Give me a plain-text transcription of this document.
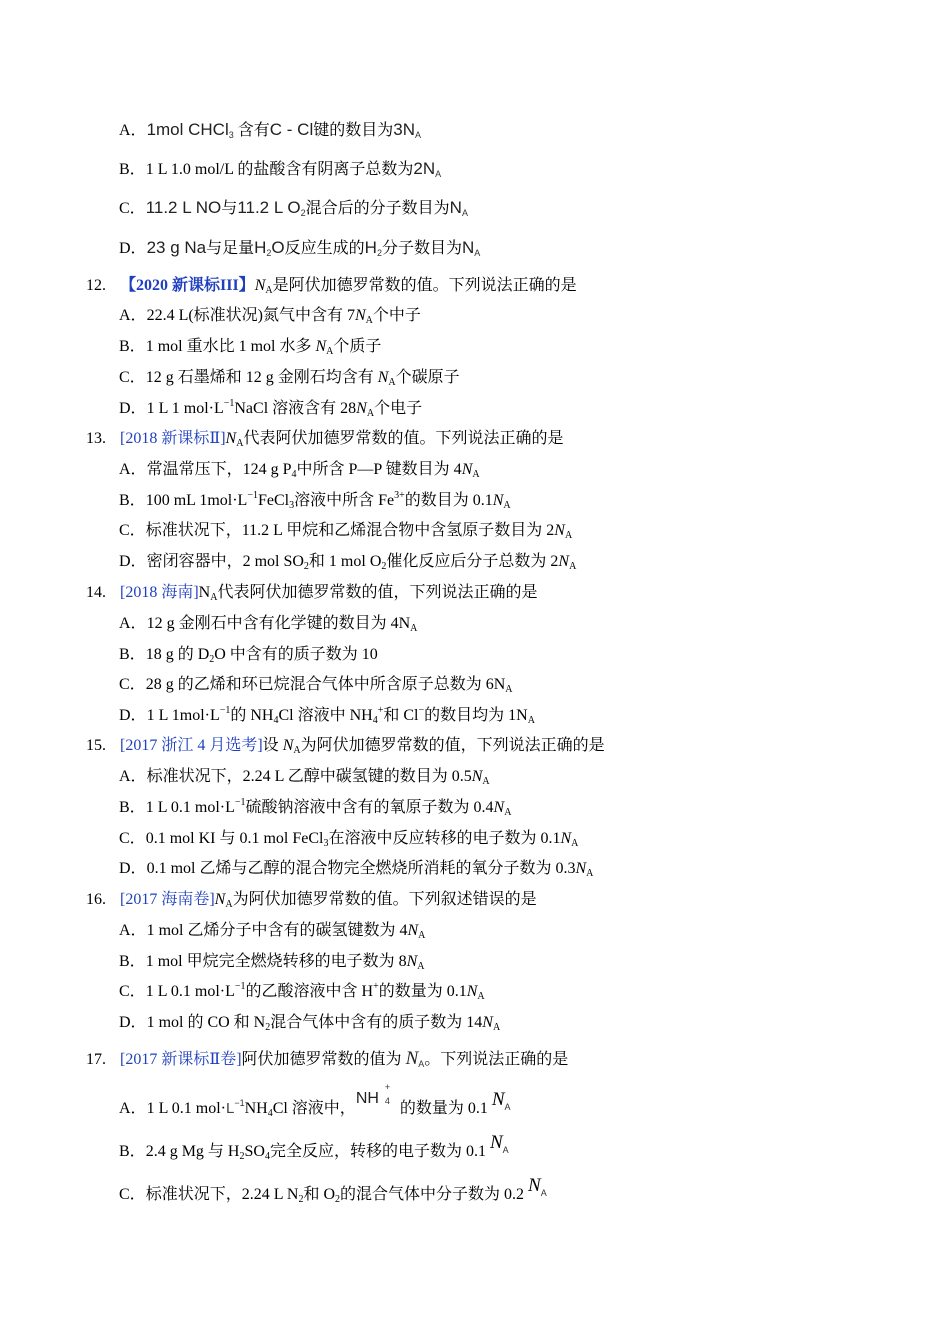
A．1mol CHCl$_3$ 含有C - Cl键的数目为$3N_A$
B．1 L 1.0 mol/L 的盐酸含有阴离子总数为$2N_A$
C．11.2 L NO与11.2 L $O_2$混合后的分子数目为$N_A$
D．23 g Na与足量$H_2O$反应生成的$H_2$分子数目为$N_A$
12. 【2020 新课标III】$N_A$是阿伏加德罗常数的值。下列说法正确的是
A．22.4 L(标准状况)氮气中含有 $7N_A$个中子
B．1 mol 重水比 1 mol 水多 $N_A$个质子
C．12 g 石墨烯和 12 g 金刚石均含有 $N_A$个碳原子
D．1 L 1 $mol\cdot L^{-1}NaCl$ 溶液含有 $28N_A$个电子
13. [2018 新课标$Ⅱ]N_A$代表阿伏加德罗常数的值。下列说法正确的是
A．常温常压下，124 g $P_4$中所含 P—P 键数目为 $4N_A$
B．100 mL $1mol\cdot L^{-1}FeCl_3$溶液中所含 $Fe^{3+}$的数目为 $0.1N_A$
C．标准状况下，11.2 L 甲烷和乙烯混合物中含氢原子数目为 $2N_A$
D．密闭容器中，2 mol $SO_2$和 1 mol $O_2$催化反应后分子总数为 $2N_A$
14. [2018 海南]$N_A$代表阿伏加德罗常数的值，下列说法正确的是
A．12 g 金刚石中含有化学键的数目为 $4N_A$
B．18 g 的 $D_2O$ 中含有的质子数为 10
C．28 g 的乙烯和环已烷混合气体中所含原子总数为 $6N_A$
D．1 L $1mol\cdot L^{-1}$的 $NH_4Cl$ 溶液中 $NH_4^+$和 Cl−的数目均为 $1N_A$
15. [2017 浙江 4 月选考]设 $N_A$为阿伏加德罗常数的值，下列说法正确的是
A．标准状况下，2.24 L 乙醇中碳氢键的数目为 $0.5N_A$
B．1 L 0.1 $mol\cdot L^{-1}$硫酸钠溶液中含有的氧原子数为 $0.4N_A$
C．0.1 mol KI 与 0.1 mol FeCl$_3$在溶液中反应转移的电子数为 $0.1N_A$
D．0.1 mol 乙烯与乙醇的混合物完全燃烧所消耗的氧分子数为 $0.3N_A$
16. [2017 海南卷]$N_A$为阿伏加德罗常数的值。下列叙述错误的是
A．1 mol 乙烯分子中含有的碳氢键数为 $4N_A$
B．1 mol 甲烷完全燃烧转移的电子数为 $8N_A$
C．1 L 0.1 $mol\cdot L^{-1}$的乙酸溶液中含 H+的数量为 $0.1N_A$
D．1 mol 的 CO 和 $N_2$混合气体中含有的质子数为 $14N_A$
17. [2017 新课标Ⅱ卷]阿伏加德罗常数的值为 $N_A$。下列说法正确的是
A．1 L 0.1 $mol\cdot L^{-1}NH_4Cl$ 溶液中，NH
+
4 的数量为 0.1 $N_A$
B．2.4 g Mg 与 $H_2SO_4$完全反应，转移的电子数为 0.1 $N_A$
C．标准状况下，2.24 L $N_2$和 $O_2$的混合气体中分子数为 0.2 $N_A$
